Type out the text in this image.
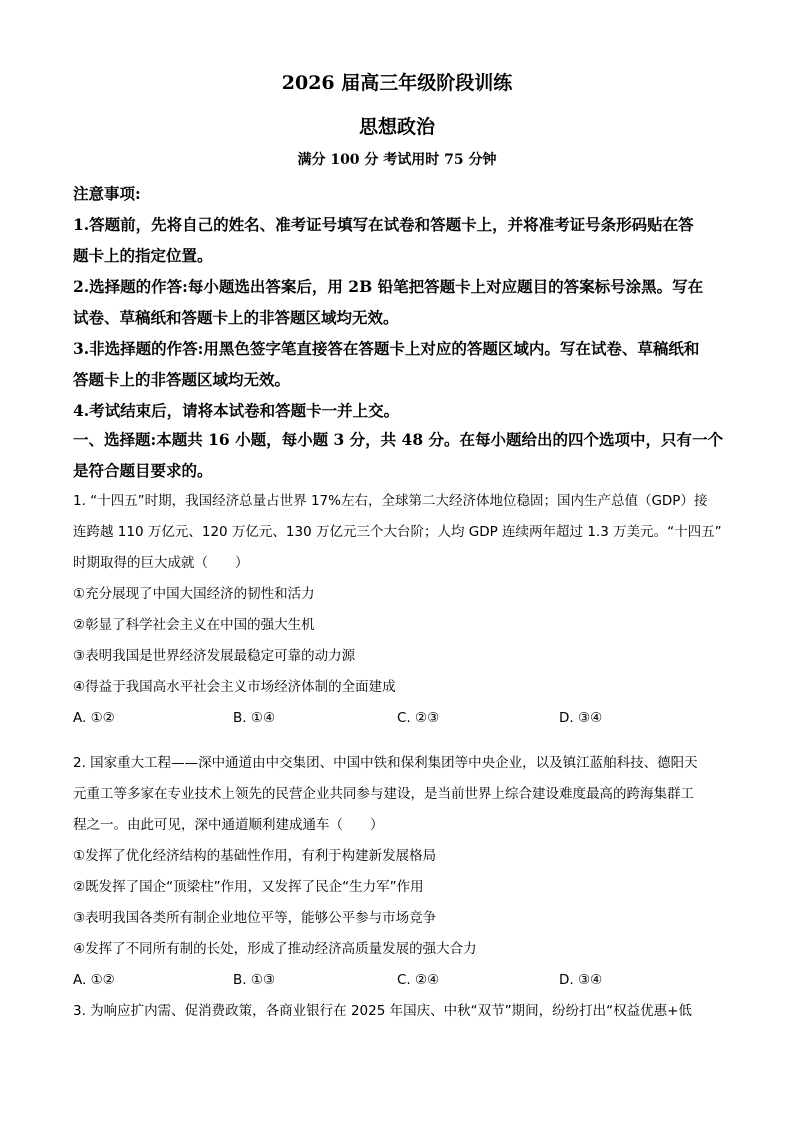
2026 届高三年级阶段训练
思想政治
满分 100 分 考试用时 75 分钟
注意事项:
1.答题前，先将自己的姓名、准考证号填写在试卷和答题卡上，并将准考证号条形码贴在答
题卡上的指定位置。
2.选择题的作答:每小题选出答案后，用 2B 铅笔把答题卡上对应题目的答案标号涂黑。写在
试卷、草稿纸和答题卡上的非答题区域均无效。
3.非选择题的作答:用黑色签字笔直接答在答题卡上对应的答题区域内。写在试卷、草稿纸和
答题卡上的非答题区域均无效。
4.考试结束后，请将本试卷和答题卡一并上交。
一、选择题:本题共 16 小题，每小题 3 分，共 48 分。在每小题给出的四个选项中，只有一个
是符合题目要求的。
1. “十四五”时期，我国经济总量占世界 17%左右，全球第二大经济体地位稳固；国内生产总值（GDP）接
连跨越 110 万亿元、120 万亿元、130 万亿元三个大台阶；人均 GDP 连续两年超过 1.3 万美元。“十四五”
时期取得的巨大成就（　　）
①充分展现了中国大国经济的韧性和活力
②彰显了科学社会主义在中国的强大生机
③表明我国是世界经济发展最稳定可靠的动力源
④得益于我国高水平社会主义市场经济体制的全面建成
A. ①②	B. ①④	C. ②③	D. ③④
2. 国家重大工程——深中通道由中交集团、中国中铁和保利集团等中央企业，以及镇江蓝舶科技、德阳天
元重工等多家在专业技术上领先的民营企业共同参与建设，是当前世界上综合建设难度最高的跨海集群工
程之一。由此可见，深中通道顺利建成通车（　　）
①发挥了优化经济结构的基础性作用，有利于构建新发展格局
②既发挥了国企“顶梁柱”作用，又发挥了民企“生力军”作用
③表明我国各类所有制企业地位平等，能够公平参与市场竞争
④发挥了不同所有制的长处，形成了推动经济高质量发展的强大合力
A. ①②	B. ①③	C. ②④	D. ③④
3. 为响应扩内需、促消费政策，各商业银行在 2025 年国庆、中秋“双节”期间，纷纷打出“权益优惠+低
